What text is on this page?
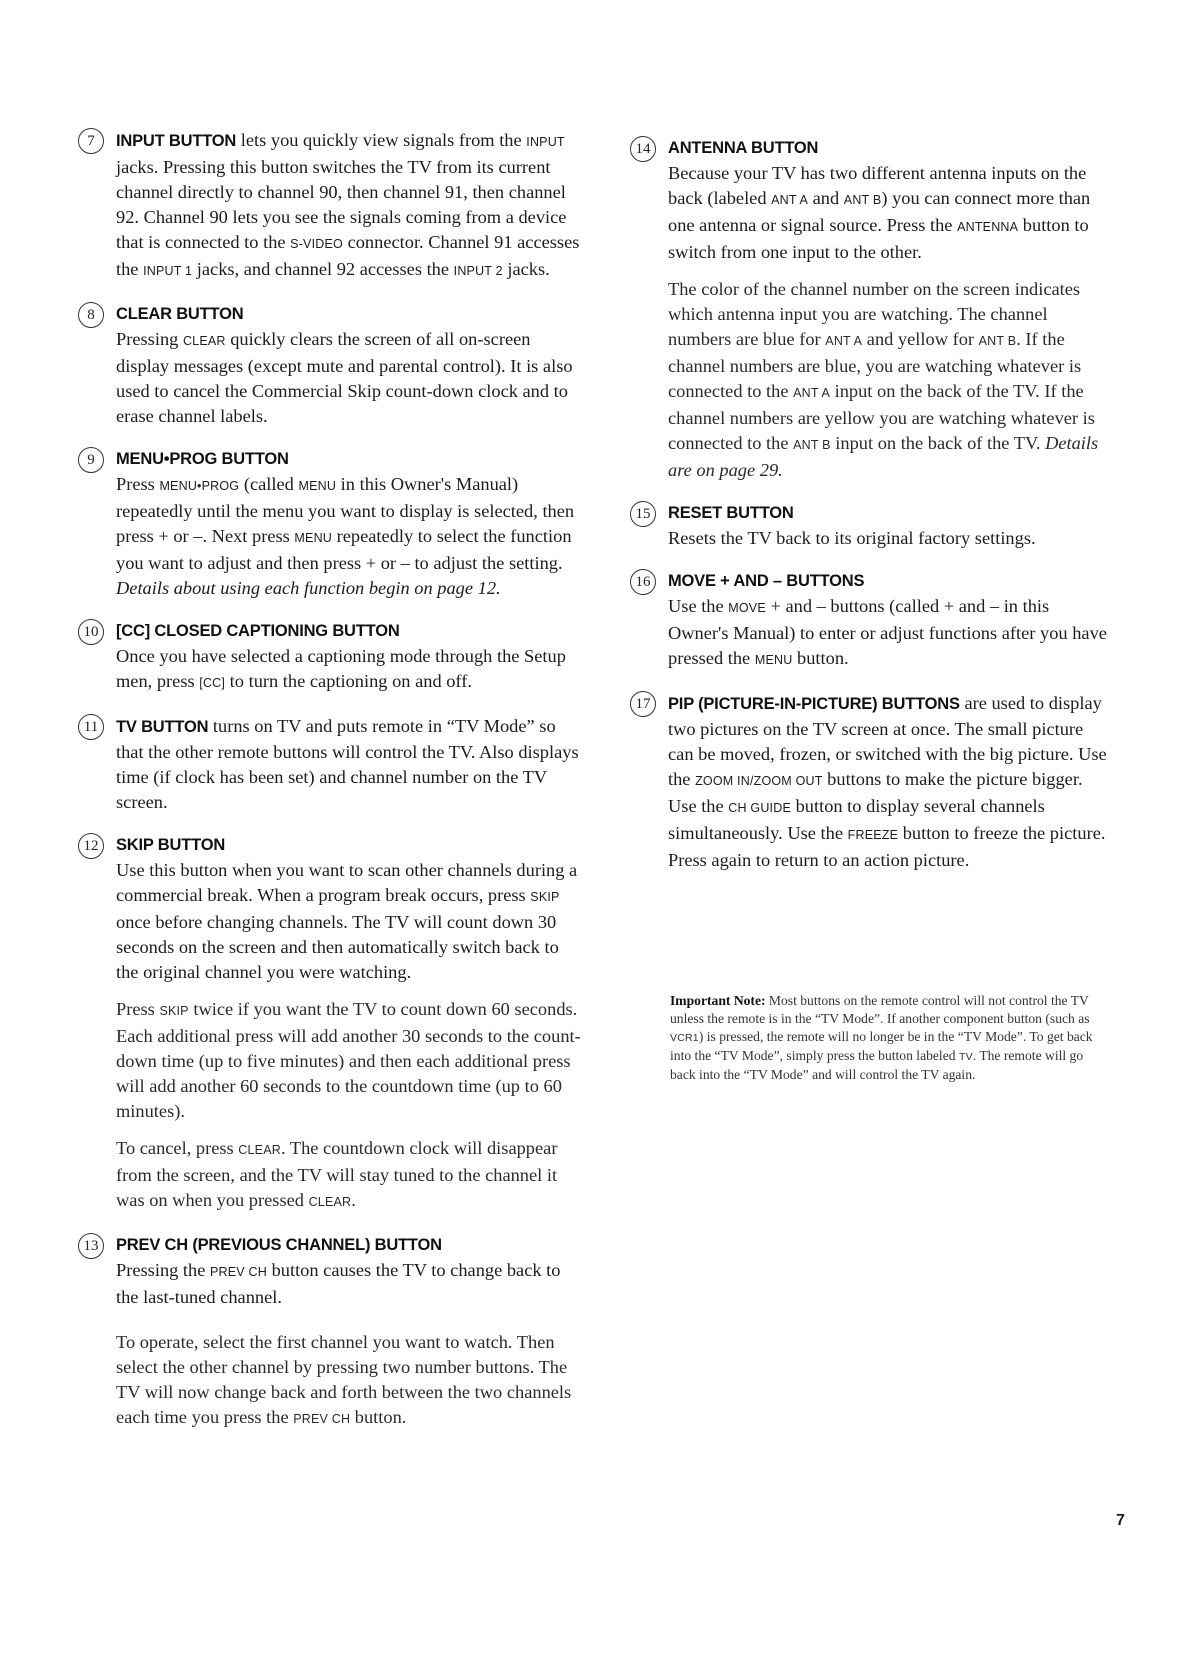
7	INPUT BUTTON lets you quickly view signals from the INPUT jacks. Pressing this button switches the TV from its current channel directly to channel 90, then channel 91, then channel 92. Channel 90 lets you see the signals coming from a device that is connected to the S-VIDEO connector. Channel 91 accesses the INPUT 1 jacks, and channel 92 accesses the INPUT 2 jacks.

8	CLEAR BUTTON

Pressing CLEAR quickly clears the screen of all on-screen display messages (except mute and parental control). It is also used to cancel the Commercial Skip count-down clock and to erase channel labels.

9	MENU•PROG BUTTON

Press MENU•PROG (called MENU in this Owner's Manual) repeatedly until the menu you want to display is selected, then press + or –. Next press MENU repeatedly to select the function you want to adjust and then press + or – to adjust the setting. Details about using each function begin on page 12.

10	[CC] CLOSED CAPTIONING BUTTON

Once you have selected a captioning mode through the Setup men, press [CC] to turn the captioning on and off.

11	TV BUTTON turns on TV and puts remote in “TV Mode” so that the other remote buttons will control the TV. Also displays time (if clock has been set) and channel number on the TV screen.

12	SKIP BUTTON

Use this button when you want to scan other channels during a commercial break. When a program break occurs, press SKIP once before changing channels. The TV will count down 30 seconds on the screen and then automatically switch back to the original channel you were watching.

Press SKIP twice if you want the TV to count down 60 seconds. Each additional press will add another 30 seconds to the count-down time (up to five minutes) and then each additional press will add another 60 seconds to the countdown time (up to 60 minutes).

To cancel, press CLEAR. The countdown clock will disappear from the screen, and the TV will stay tuned to the channel it was on when you pressed CLEAR.

13	PREV CH (PREVIOUS CHANNEL) BUTTON

Pressing the PREV CH button causes the TV to change back to the last-tuned channel.

To operate, select the first channel you want to watch. Then select the other channel by pressing two number buttons. The TV will now change back and forth between the two channels each time you press the PREV CH button.

14	ANTENNA BUTTON

Because your TV has two different antenna inputs on the back (labeled ANT A and ANT B) you can connect more than one antenna or signal source. Press the ANTENNA button to switch from one input to the other.

The color of the channel number on the screen indicates which antenna input you are watching. The channel numbers are blue for ANT A and yellow for ANT B. If the channel numbers are blue, you are watching whatever is connected to the ANT A input on the back of the TV. If the channel numbers are yellow you are watching whatever is connected to the ANT B input on the back of the TV. Details are on page 29.

15	RESET BUTTON

Resets the TV back to its original factory settings.

16	MOVE + AND – BUTTONS

Use the MOVE + and – buttons (called + and – in this Owner's Manual) to enter or adjust functions after you have pressed the MENU button.

17	PIP (PICTURE-IN-PICTURE) BUTTONS are used to display two pictures on the TV screen at once. The small picture can be moved, frozen, or switched with the big picture. Use the ZOOM IN/ZOOM OUT buttons to make the picture bigger. Use the CH GUIDE button to display several channels simultaneously. Use the FREEZE button to freeze the picture. Press again to return to an action picture.

Important Note: Most buttons on the remote control will not control the TV unless the remote is in the “TV Mode”. If another component button (such as VCR1) is pressed, the remote will no longer be in the “TV Mode”. To get back into the “TV Mode”, simply press the button labeled TV. The remote will go back into the “TV Mode” and will control the TV again.
7
